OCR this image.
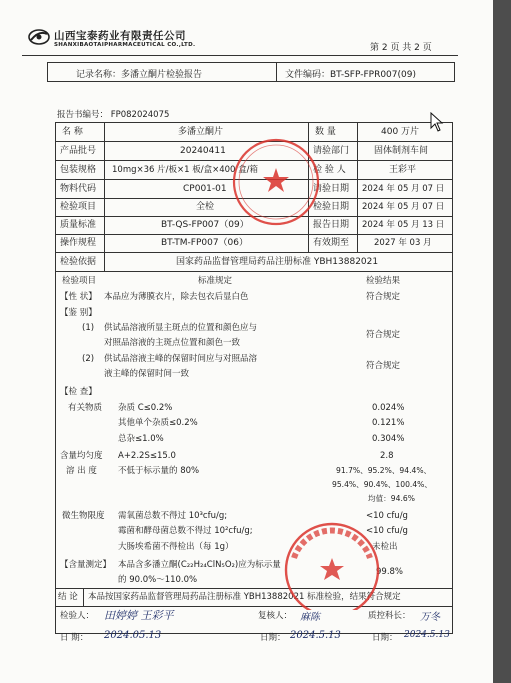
山西宝泰药业有限责任公司
SHANXIBAOTAIPHARMACEUTICAL CO.,LTD.	第 2 页 共 2 页
记录名称：多潘立酮片检验报告	文件编码：BT-SFP-FPR007(09)
报告书编号： FP082024075
名 称	多潘立酮片	数 量	400 万片
产品批号	20240411	请验部门	固体制剂车间
包装规格 10mg×36 片/板×1 板/盒×400 盒/箱	检 验 人	王彩平
物料代码	CP001-01	请验日期 2024 年 05 月 07 日
检验项目	全检	检验日期 2024 年 05 月 07 日
质量标准	BT-QS-FP007（09）	报告日期 2024 年 05 月 13 日
操作规程	BT-TM-FP007（06）	有效期至	2027 年 03 月
检验依据	国家药品监督管理局药品注册标准 YBH13882021
检验项目	标准规定	检验结果
【性 状】 本品应为薄膜衣片，除去包衣后显白色	符合规定
【鉴 别】
(1) 供试品溶液所显主斑点的位置和颜色应与
对照品溶液的主斑点位置和颜色一致
符合规定
(2) 供试品溶液主峰的保留时间应与对照品溶
液主峰的保留时间一致
符合规定
【检 查】
有关物质 杂质 C≤0.2%	0.024%
其他单个杂质≤0.2%	0.121%
总杂≤1.0%	0.304%
含量均匀度 A+2.2S≤15.0	2.8
溶 出 度 不低于标示量的 80%	91.7%、95.2%、94.4%、
95.4%、90.4%、100.4%、
均值：94.6%
微生物限度 需氧菌总数不得过 10³cfu/g;	<10 cfu/g
霉菌和酵母菌总数不得过 10²cfu/g;	<10 cfu/g
大肠埃希菌不得检出（每 1g）	未检出
【含量测定】 本品含多潘立酮(C₂₂H₂₄ClN₅O₂)应为标示量
的 90.0%～110.0%
99.8%
结 论 本品按国家药品监督管理局药品注册标准 YBH13882021 标准检验，结果符合规定
检验人： 田婷婷 王彩平	复核人： 麻陈	质控科长： 万冬
日 期： 2024.05.13	日期： 2024.5.13	日期： 2024.5.13
